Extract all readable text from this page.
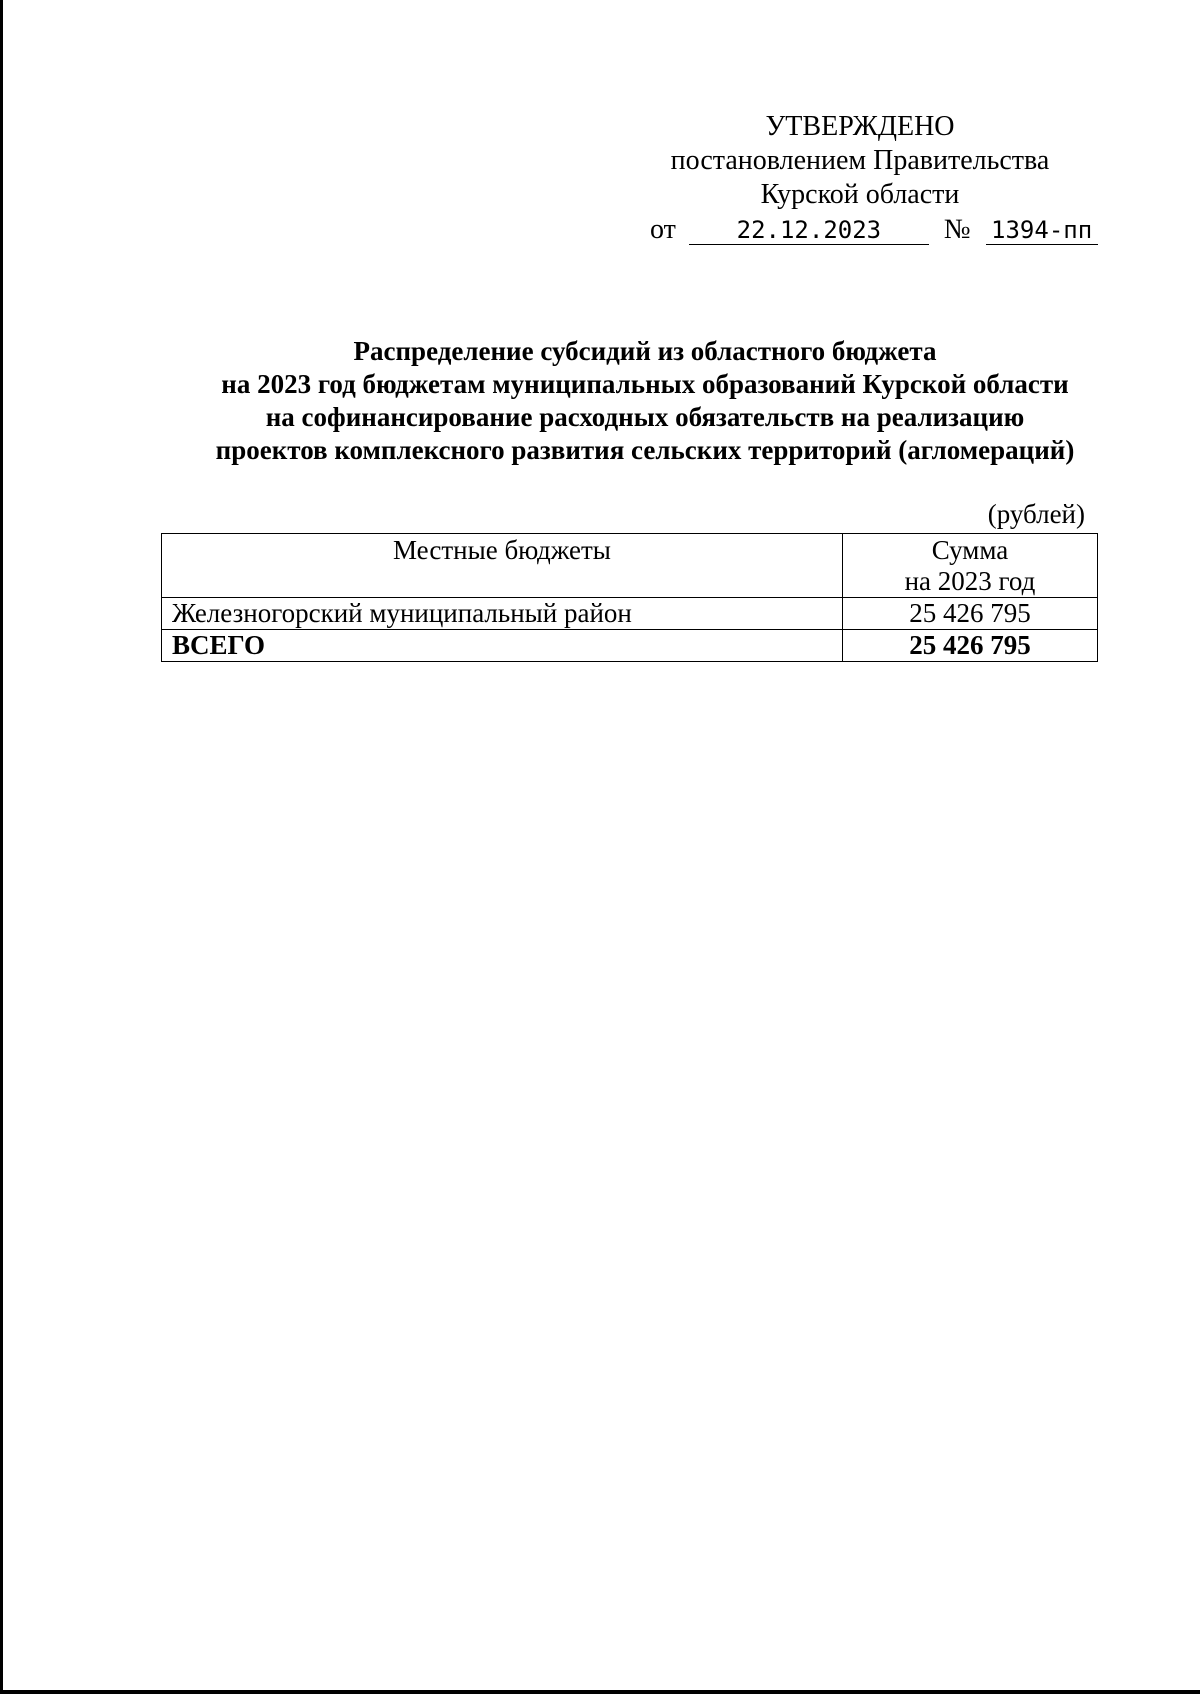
УТВЕРЖДЕНО
постановлением Правительства
Курской области
от	22.12.2023 № 1394-пп
Распределение субсидий из областного бюджета
на 2023 год бюджетам муниципальных образований Курской области
на софинансирование расходных обязательств на реализацию
проектов комплексного развития сельских территорий (агломераций)
(рублей)
Местные бюджеты	Сумма
на 2023 год

Железногорский муниципальный район	25 426 795
ВСЕГО	25 426 795
